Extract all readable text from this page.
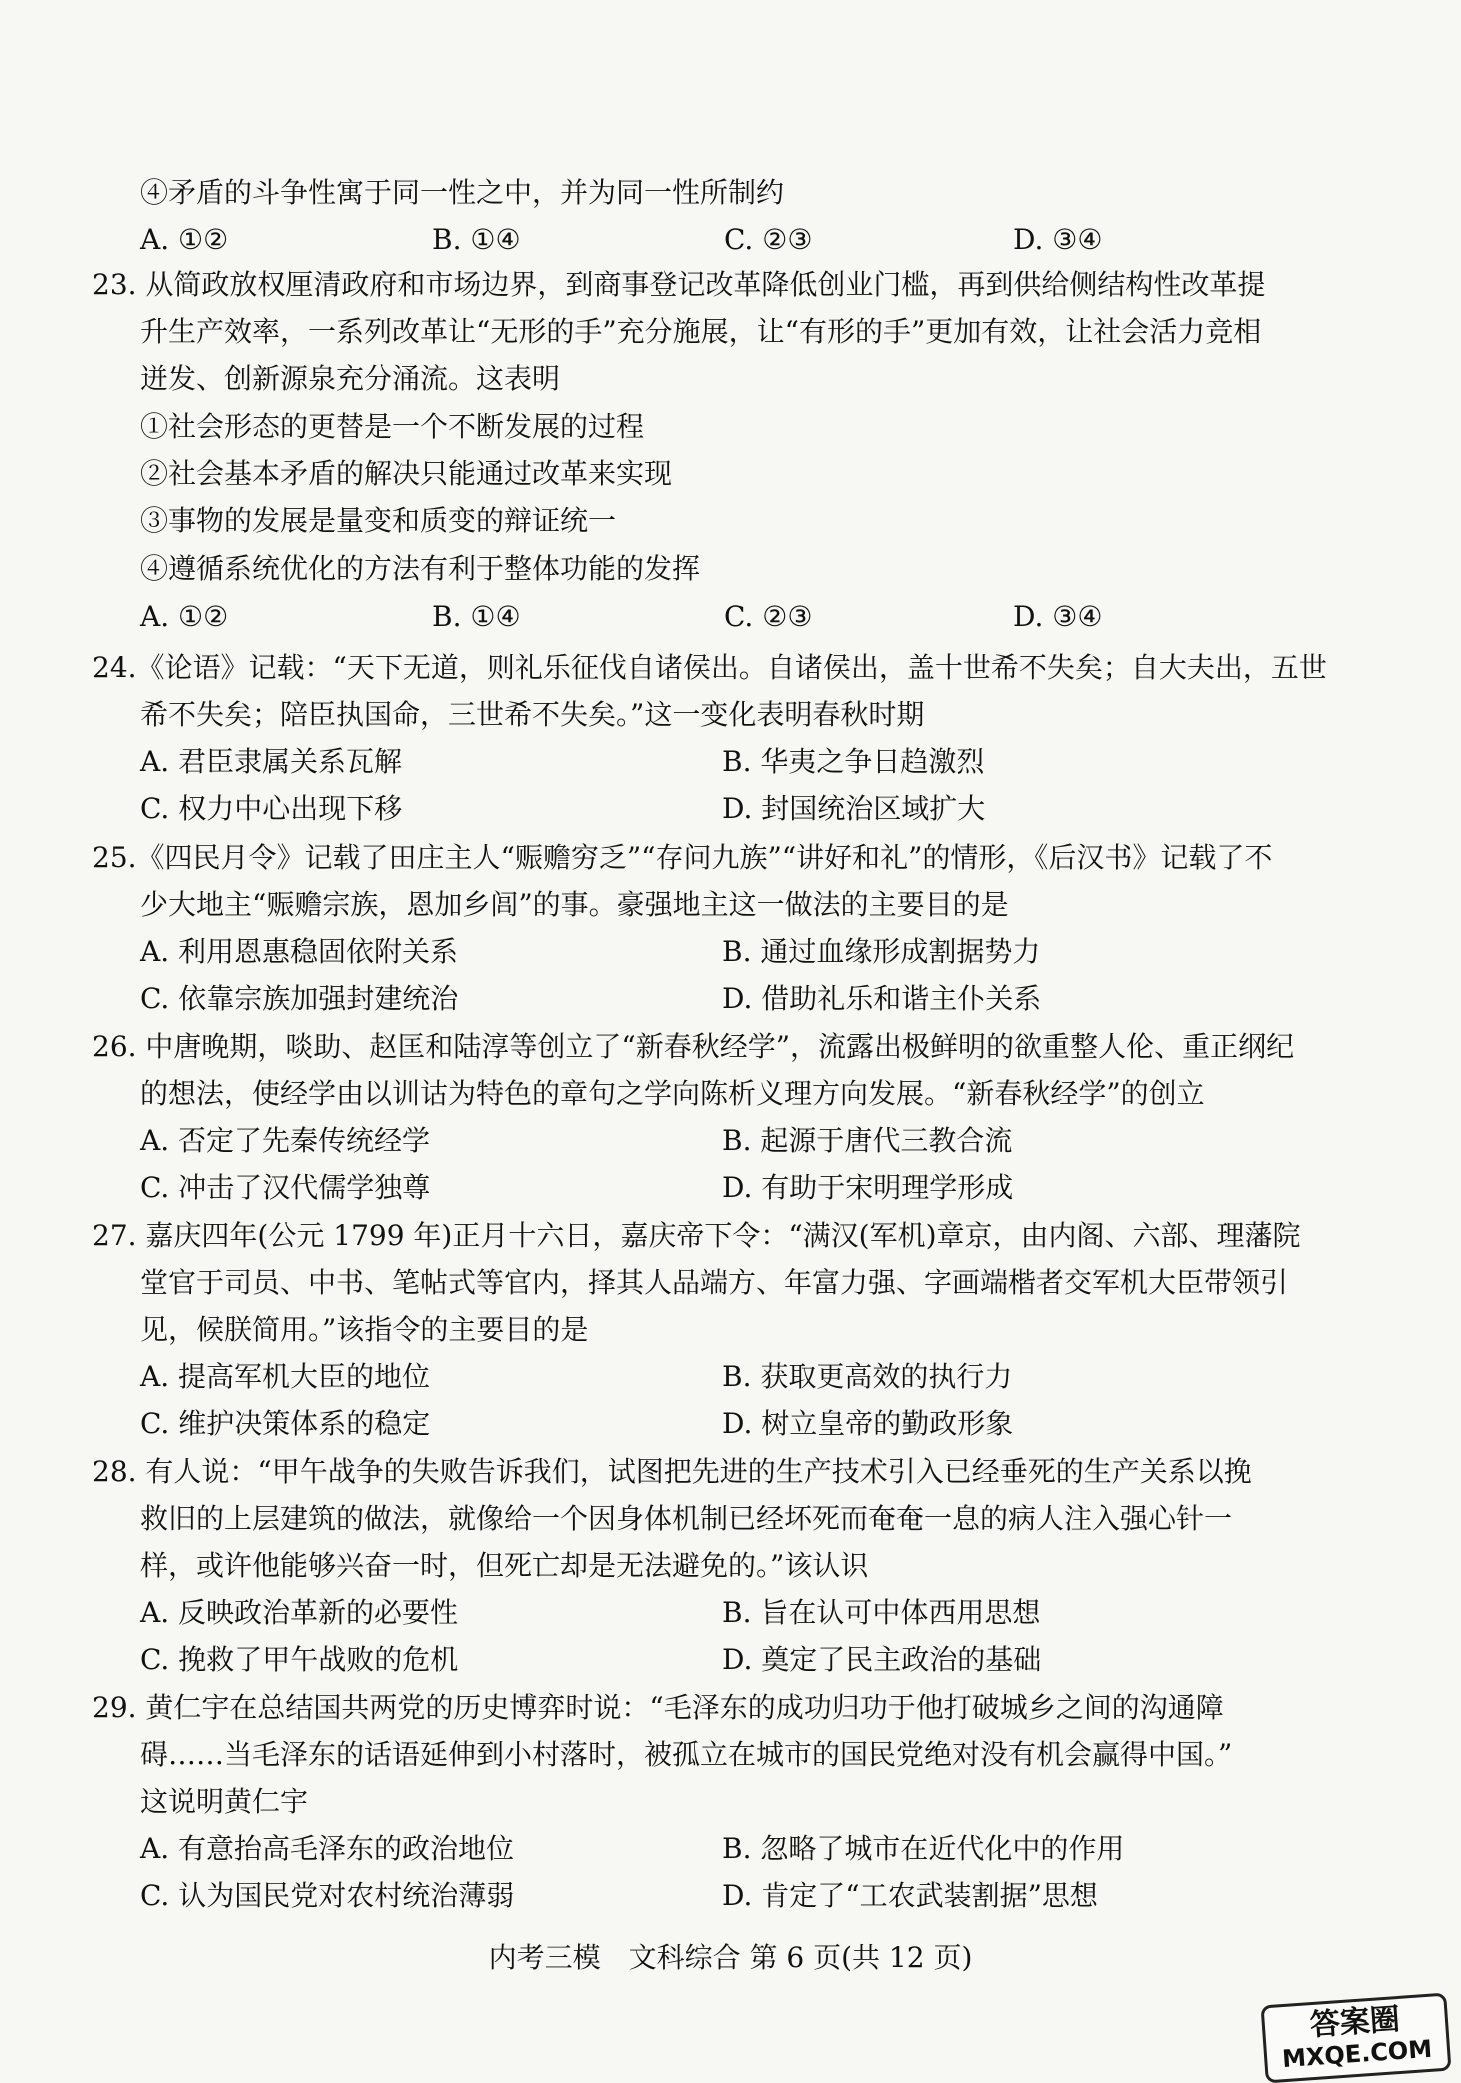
④矛盾的斗争性寓于同一性之中，并为同一性所制约
A. ①②	B. ①④	C. ②③	D. ③④
23. 从简政放权厘清政府和市场边界，到商事登记改革降低创业门槛，再到供给侧结构性改革提
升生产效率，一系列改革让“无形的手”充分施展，让“有形的手”更加有效，让社会活力竞相
迸发、创新源泉充分涌流。这表明
①社会形态的更替是一个不断发展的过程
②社会基本矛盾的解决只能通过改革来实现
③事物的发展是量变和质变的辩证统一
④遵循系统优化的方法有利于整体功能的发挥
A. ①②	B. ①④	C. ②③	D. ③④
24.《论语》记载：“天下无道，则礼乐征伐自诸侯出。自诸侯出，盖十世希不失矣；自大夫出，五世
希不失矣；陪臣执国命，三世希不失矣。”这一变化表明春秋时期
A. 君臣隶属关系瓦解	B. 华夷之争日趋激烈
C. 权力中心出现下移	D. 封国统治区域扩大
25.《四民月令》记载了田庄主人“赈赡穷乏”“存问九族”“讲好和礼”的情形，《后汉书》记载了不
少大地主“赈赡宗族，恩加乡闾”的事。豪强地主这一做法的主要目的是
A. 利用恩惠稳固依附关系	B. 通过血缘形成割据势力
C. 依靠宗族加强封建统治	D. 借助礼乐和谐主仆关系
26. 中唐晚期，啖助、赵匡和陆淳等创立了“新春秋经学”，流露出极鲜明的欲重整人伦、重正纲纪
的想法，使经学由以训诂为特色的章句之学向陈析义理方向发展。“新春秋经学”的创立
A. 否定了先秦传统经学	B. 起源于唐代三教合流
C. 冲击了汉代儒学独尊	D. 有助于宋明理学形成
27. 嘉庆四年(公元 1799 年)正月十六日，嘉庆帝下令：“满汉(军机)章京，由内阁、六部、理藩院
堂官于司员、中书、笔帖式等官内，择其人品端方、年富力强、字画端楷者交军机大臣带领引
见，候朕简用。”该指令的主要目的是
A. 提高军机大臣的地位	B. 获取更高效的执行力
C. 维护决策体系的稳定	D. 树立皇帝的勤政形象
28. 有人说：“甲午战争的失败告诉我们，试图把先进的生产技术引入已经垂死的生产关系以挽
救旧的上层建筑的做法，就像给一个因身体机制已经坏死而奄奄一息的病人注入强心针一
样，或许他能够兴奋一时，但死亡却是无法避免的。”该认识
A. 反映政治革新的必要性	B. 旨在认可中体西用思想
C. 挽救了甲午战败的危机	D. 奠定了民主政治的基础
29. 黄仁宇在总结国共两党的历史博弈时说：“毛泽东的成功归功于他打破城乡之间的沟通障
碍……当毛泽东的话语延伸到小村落时，被孤立在城市的国民党绝对没有机会赢得中国。”
这说明黄仁宇
A. 有意抬高毛泽东的政治地位	B. 忽略了城市在近代化中的作用
C. 认为国民党对农村统治薄弱	D. 肯定了“工农武装割据”思想
内考三模　文科综合 第 6 页(共 12 页)
答案圈
MXQE.COM
